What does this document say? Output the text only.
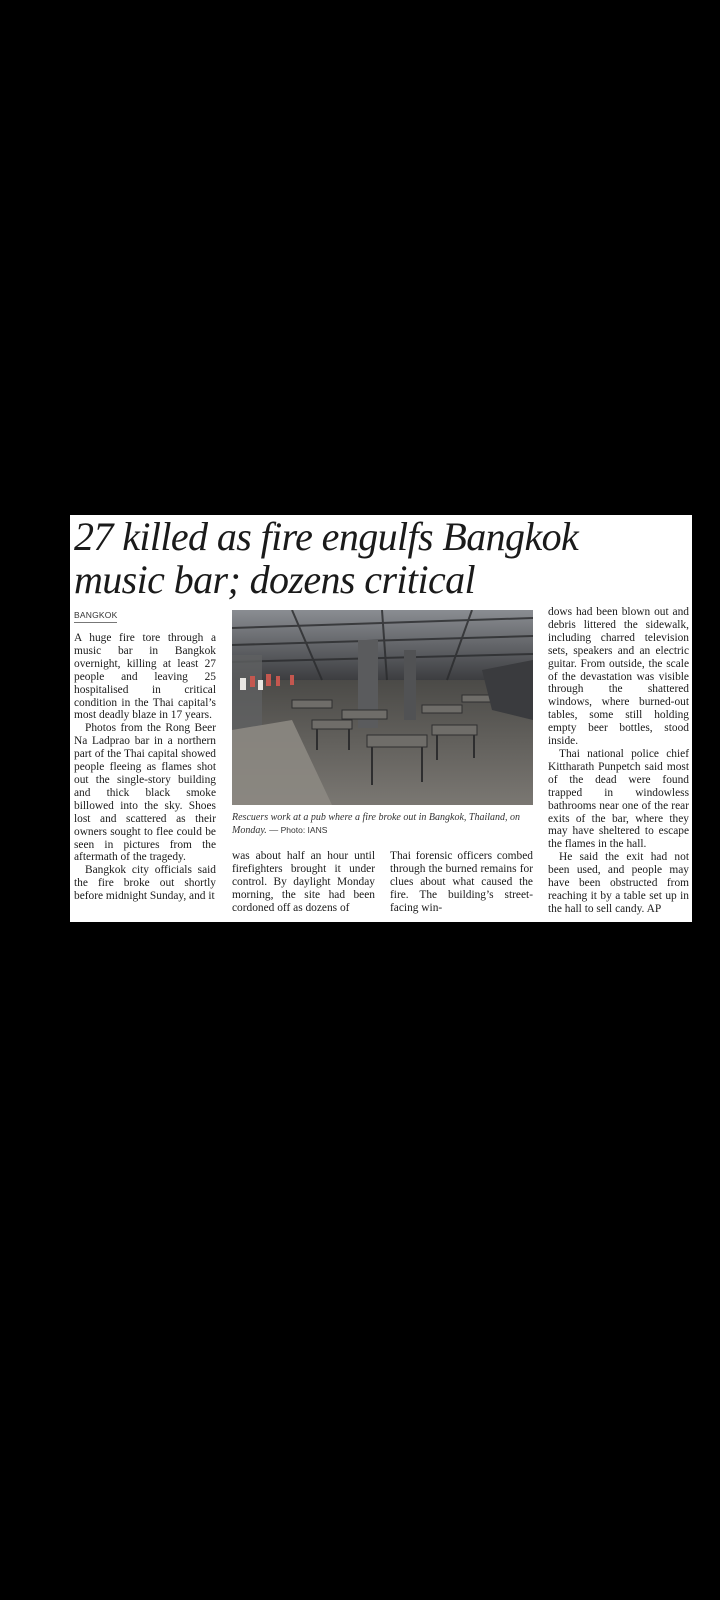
27 killed as fire engulfs Bangkok
music bar; dozens critical
BANGKOK

A huge fire tore through a music bar in Bangkok overnight, killing at least 27 people and leaving 25 hospitalised in critical condition in the Thai capital’s most deadly blaze in 17 years.

Photos from the Rong Beer Na Ladprao bar in a northern part of the Thai capital showed people fleeing as flames shot out the single-story building and thick black smoke billowed into the sky. Shoes lost and scattered as their owners sought to flee could be seen in pictures from the aftermath of the tragedy.

Bangkok city officials said the fire broke out shortly before midnight Sunday, and it

Rescuers work at a pub where a fire broke out in Bangkok, Thailand, on Monday. — Photo: IANS

was about half an hour until firefighters brought it under control. By daylight Monday morning, the site had been cordoned off as dozens of

Thai forensic officers combed through the burned remains for clues about what caused the fire. The building’s street-facing win-

dows had been blown out and debris littered the sidewalk, including charred television sets, speakers and an electric guitar. From outside, the scale of the devastation was visible through the shattered windows, where burned-out tables, some still holding empty beer bottles, stood inside.

Thai national police chief Kittharath Punpetch said most of the dead were found trapped in windowless bathrooms near one of the rear exits of the bar, where they may have sheltered to escape the flames in the hall.

He said the exit had not been used, and people may have been obstructed from reaching it by a table set up in the hall to sell candy. AP
